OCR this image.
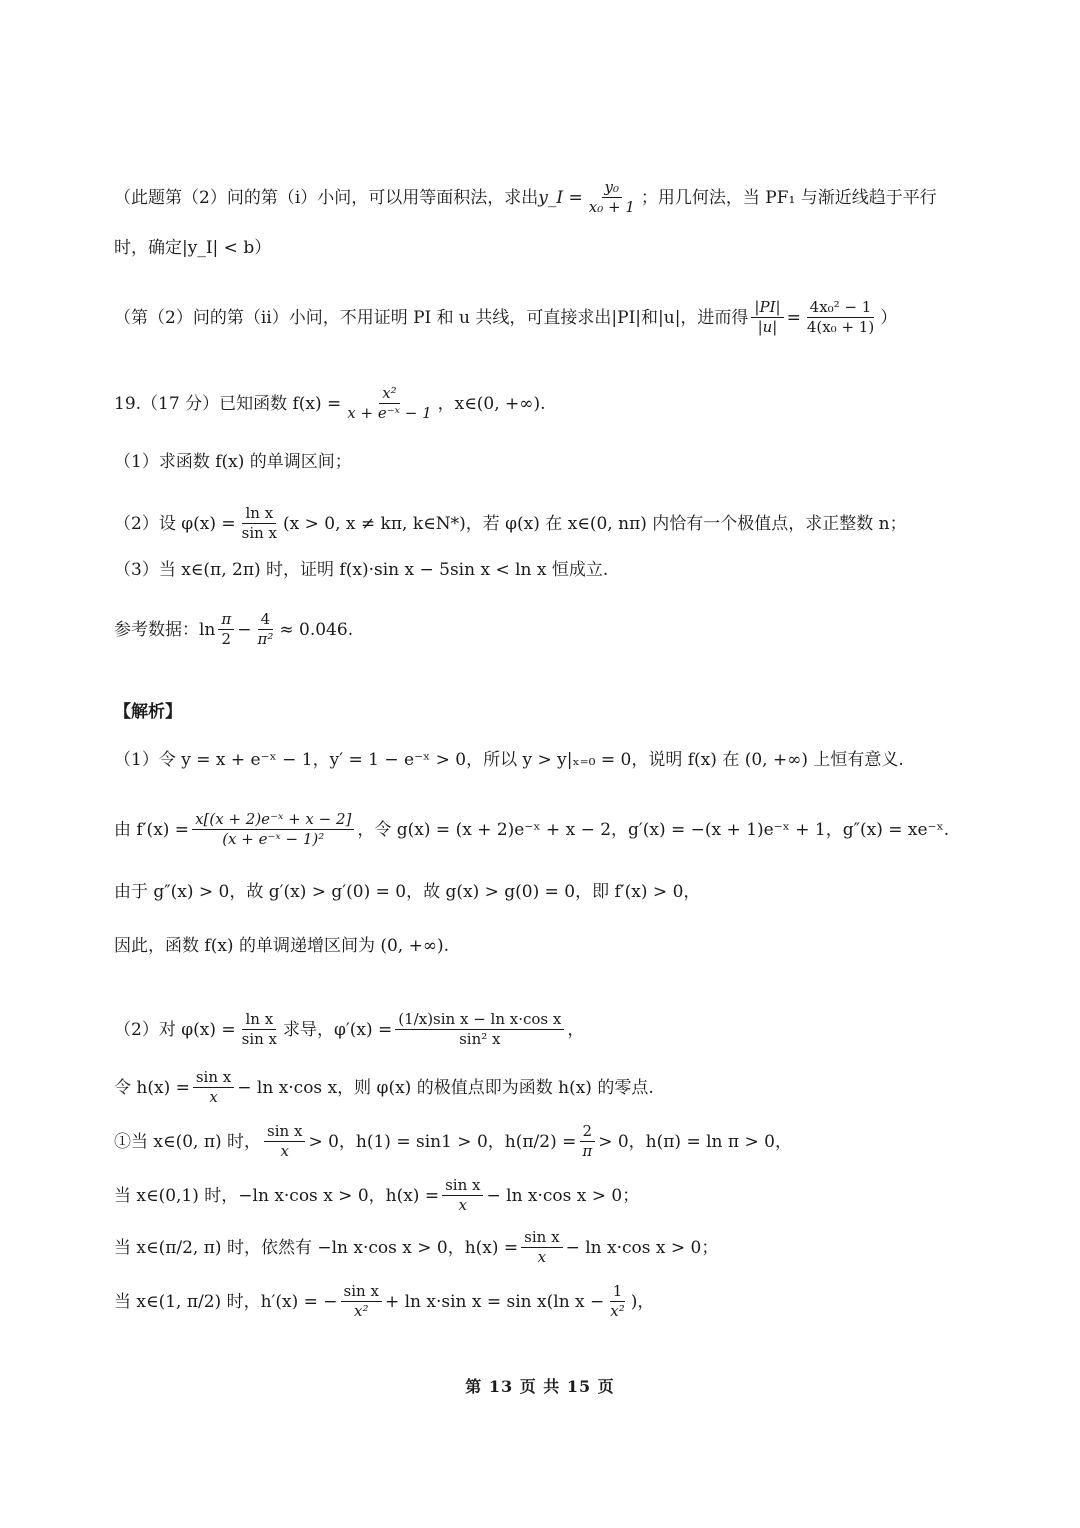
（此题第（2）问的第（i）小问，可以用等面积法，求出 y_I = $\frac{\text{y₀}}{\text{x₀ + 1}}$ ；用几何法，当 PF₁ 与渐近线趋于平行
时，确定|y_I| < b）
（第（2）问的第（ii）小问，不用证明 PI 和 u 共线，可直接求出|PI|和|u|，进而得 $\frac{|PI|}{|u|} = \frac{\text{4x₀² − 1}}{\text{4(x₀ + 1)}}$ ）
19.（17 分）已知函数 $f(x) = \frac{\text{x²}}{\text{x + e⁻ˣ − 1}}$ ，x∈(0, +∞).
（1）求函数 f(x) 的单调区间；
（2）设 $\varphi(x) = \frac{\text{ln x}}{\text{sin x}} (x > 0$, x ≠ kπ, k∈N*)，若 φ(x) 在 x∈(0, nπ) 内恰有一个极值点，求正整数 n；
（3）当 x∈(π, 2π) 时，证明 f(x)·sin x − 5sin x < ln x 恒成立.
参考数据：$\ln \frac{\pi}{2} - \frac{4}{\text{π²}} \approx 0.046$.
【解析】
（1）令 y = x + e⁻ˣ − 1，y′ = 1 − e⁻ˣ > 0，所以 y > y|ₓ₌₀ = 0，说明 f(x) 在 (0, +∞) 上恒有意义.
由 $f'(x) = \frac{\text{x[(x + 2)e⁻ˣ + x − 2]}}{\text{(x + e⁻ˣ − 1)²}}$ ，令 g(x) = (x + 2)e⁻ˣ + x − 2，g′(x) = −(x + 1)e⁻ˣ + 1，g″(x) = xe⁻ˣ.
由于 g″(x) > 0，故 g′(x) > g′(0) = 0，故 g(x) > g(0) = 0，即 f′(x) > 0，
因此，函数 f(x) 的单调递增区间为 (0, +∞).
（2）对 $\varphi(x) = \frac{\text{ln x}}{\text{sin x}}$ 求导，$\varphi'(x) = \frac{\text{(1/x)sin x − ln x·cos x}}{\text{sin² x}}$ ，
令 $h(x) = \frac{\text{sin x}}{x} - \ln x\cdot\cos$ x，则 φ(x) 的极值点即为函数 h(x) 的零点.
①当 x∈(0, π) 时， $\frac{\text{sin x}}{x} > 0$，h(1) = sin1 > 0，$h(\pi/2) = \frac{2}{\pi} > 0$，h(π) = ln π > 0，
当 x∈(0,1) 时，−ln x·cos x > 0，$h(x) = \frac{\text{sin x}}{x} - \ln x\cdot\cos$ x > 0；
当 x∈(π/2, π) 时，依然有 −ln x·cos x > 0，$h(x) = \frac{\text{sin x}}{x} - \ln x\cdot\cos$ x > 0；
当 x∈(1, π/2) 时，h′(x) = − $\frac{\text{sin x}}{\text{x²}} + \ln x\cdot\sin$ x = sin x(ln $x - \frac{1}{\text{x²}}$ )，
第 13 页 共 15 页
